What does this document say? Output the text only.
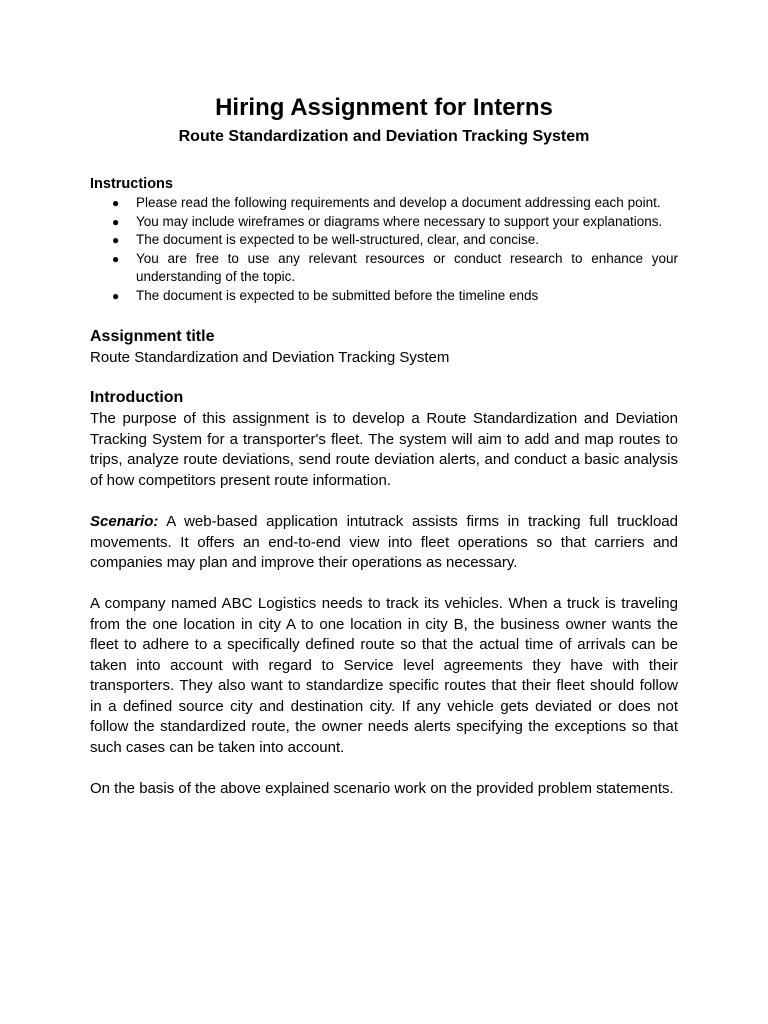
Hiring Assignment for Interns
Route Standardization and Deviation Tracking System
Instructions
● Please read the following requirements and develop a document addressing each point.
● You may include wireframes or diagrams where necessary to support your explanations.
● The document is expected to be well-structured, clear, and concise.
● You are free to use any relevant resources or conduct research to enhance your understanding of the topic.
● The document is expected to be submitted before the timeline ends
Assignment title

Route Standardization and Deviation Tracking System

Introduction

The purpose of this assignment is to develop a Route Standardization and Deviation Tracking System for a transporter's fleet. The system will aim to add and map routes to trips, analyze route deviations, send route deviation alerts, and conduct a basic analysis of how competitors present route information.

Scenario: A web-based application intutrack assists firms in tracking full truckload movements. It offers an end-to-end view into fleet operations so that carriers and companies may plan and improve their operations as necessary.

A company named ABC Logistics needs to track its vehicles. When a truck is traveling from the one location in city A to one location in city B, the business owner wants the fleet to adhere to a specifically defined route so that the actual time of arrivals can be taken into account with regard to Service level agreements they have with their transporters. They also want to standardize specific routes that their fleet should follow in a defined source city and destination city. If any vehicle gets deviated or does not follow the standardized route, the owner needs alerts specifying the exceptions so that such cases can be taken into account.

On the basis of the above explained scenario work on the provided problem statements.
